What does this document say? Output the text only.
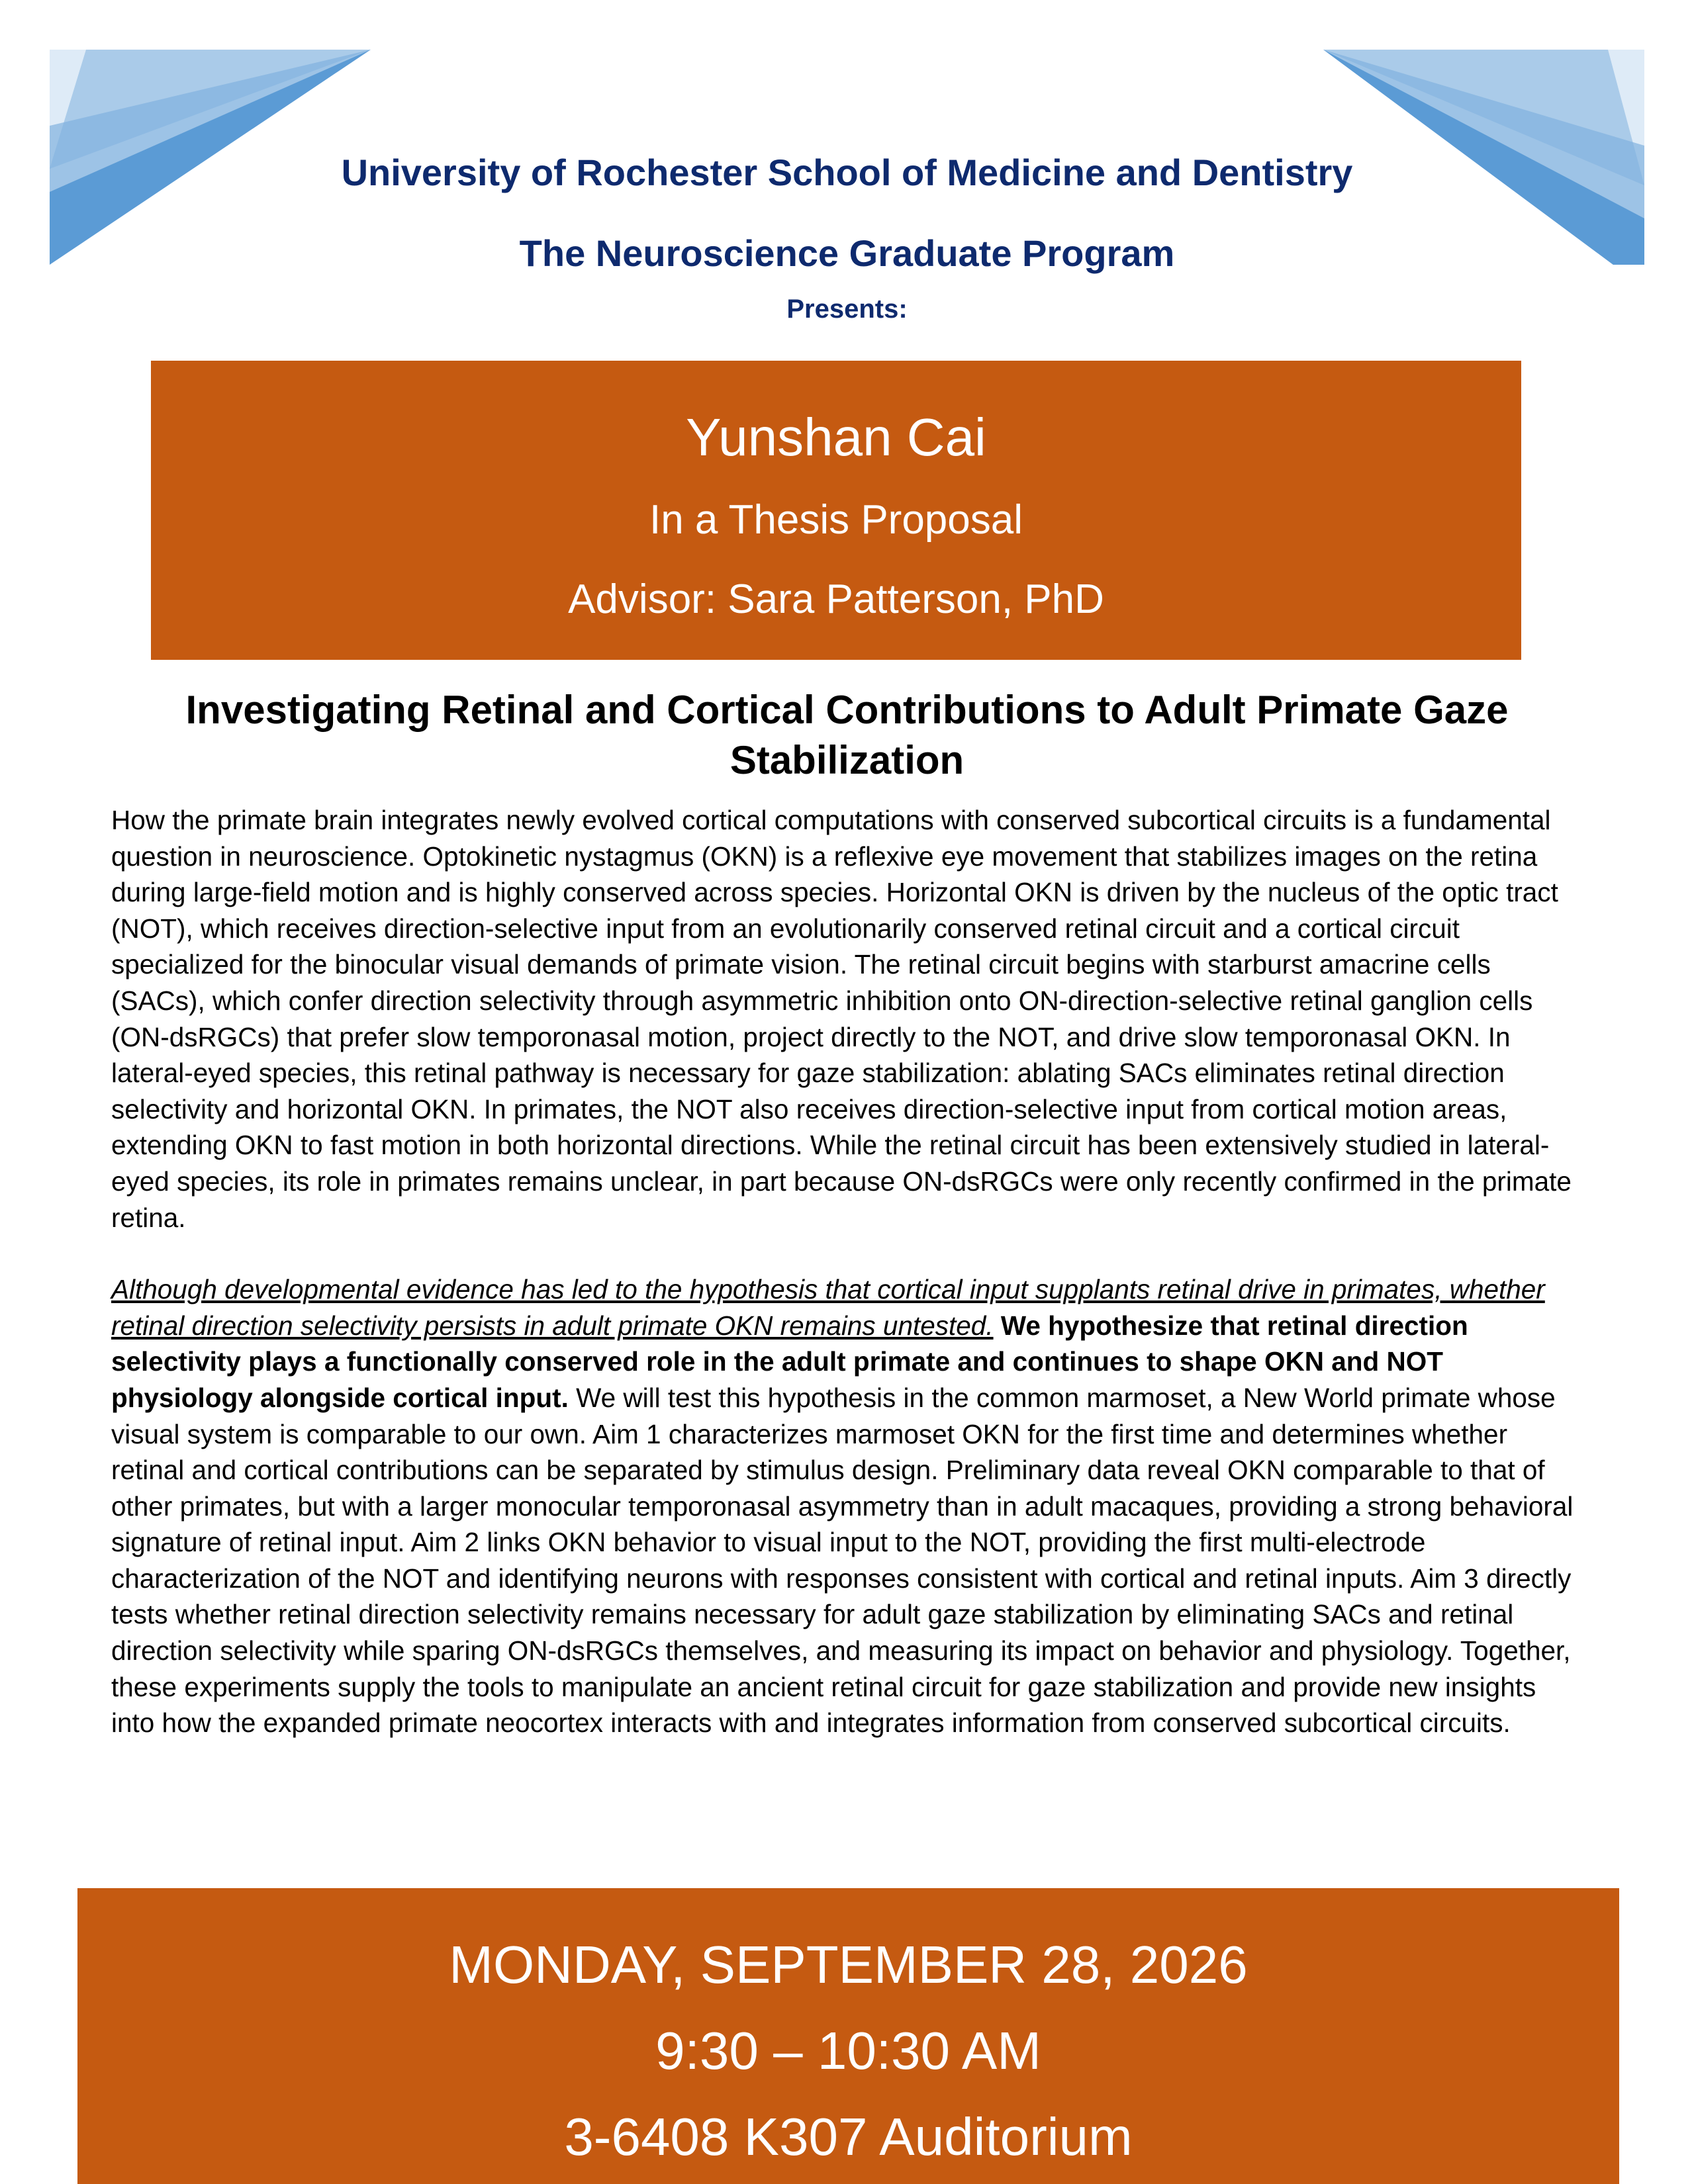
University of Rochester School of Medicine and Dentistry
The Neuroscience Graduate Program
Presents:
Yunshan Cai
In a Thesis Proposal
Advisor: Sara Patterson, PhD
Investigating Retinal and Cortical Contributions to Adult Primate Gaze Stabilization

How the primate brain integrates newly evolved cortical computations with conserved subcortical circuits is a fundamental question in neuroscience. Optokinetic nystagmus (OKN) is a reflexive eye movement that stabilizes images on the retina during large-field motion and is highly conserved across species. Horizontal OKN is driven by the nucleus of the optic tract (NOT), which receives direction-selective input from an evolutionarily conserved retinal circuit and a cortical circuit specialized for the binocular visual demands of primate vision. The retinal circuit begins with starburst amacrine cells (SACs), which confer direction selectivity through asymmetric inhibition onto ON-direction-selective retinal ganglion cells (ON-dsRGCs) that prefer slow temporonasal motion, project directly to the NOT, and drive slow temporonasal OKN. In lateral-eyed species, this retinal pathway is necessary for gaze stabilization: ablating SACs eliminates retinal direction selectivity and horizontal OKN. In primates, the NOT also receives direction-selective input from cortical motion areas, extending OKN to fast motion in both horizontal directions. While the retinal circuit has been extensively studied in lateral-eyed species, its role in primates remains unclear, in part because ON-dsRGCs were only recently confirmed in the primate retina.

Although developmental evidence has led to the hypothesis that cortical input supplants retinal drive in primates, whether retinal direction selectivity persists in adult primate OKN remains untested. We hypothesize that retinal direction selectivity plays a functionally conserved role in the adult primate and continues to shape OKN and NOT physiology alongside cortical input. We will test this hypothesis in the common marmoset, a New World primate whose visual system is comparable to our own. Aim 1 characterizes marmoset OKN for the first time and determines whether retinal and cortical contributions can be separated by stimulus design. Preliminary data reveal OKN comparable to that of other primates, but with a larger monocular temporonasal asymmetry than in adult macaques, providing a strong behavioral signature of retinal input. Aim 2 links OKN behavior to visual input to the NOT, providing the first multi-electrode characterization of the NOT and identifying neurons with responses consistent with cortical and retinal inputs. Aim 3 directly tests whether retinal direction selectivity remains necessary for adult gaze stabilization by eliminating SACs and retinal direction selectivity while sparing ON-dsRGCs themselves, and measuring its impact on behavior and physiology. Together, these experiments supply the tools to manipulate an ancient retinal circuit for gaze stabilization and provide new insights into how the expanded primate neocortex interacts with and integrates information from conserved subcortical circuits.

MONDAY, SEPTEMBER 28, 2026
9:30 – 10:30 AM
3-6408 K307 Auditorium
